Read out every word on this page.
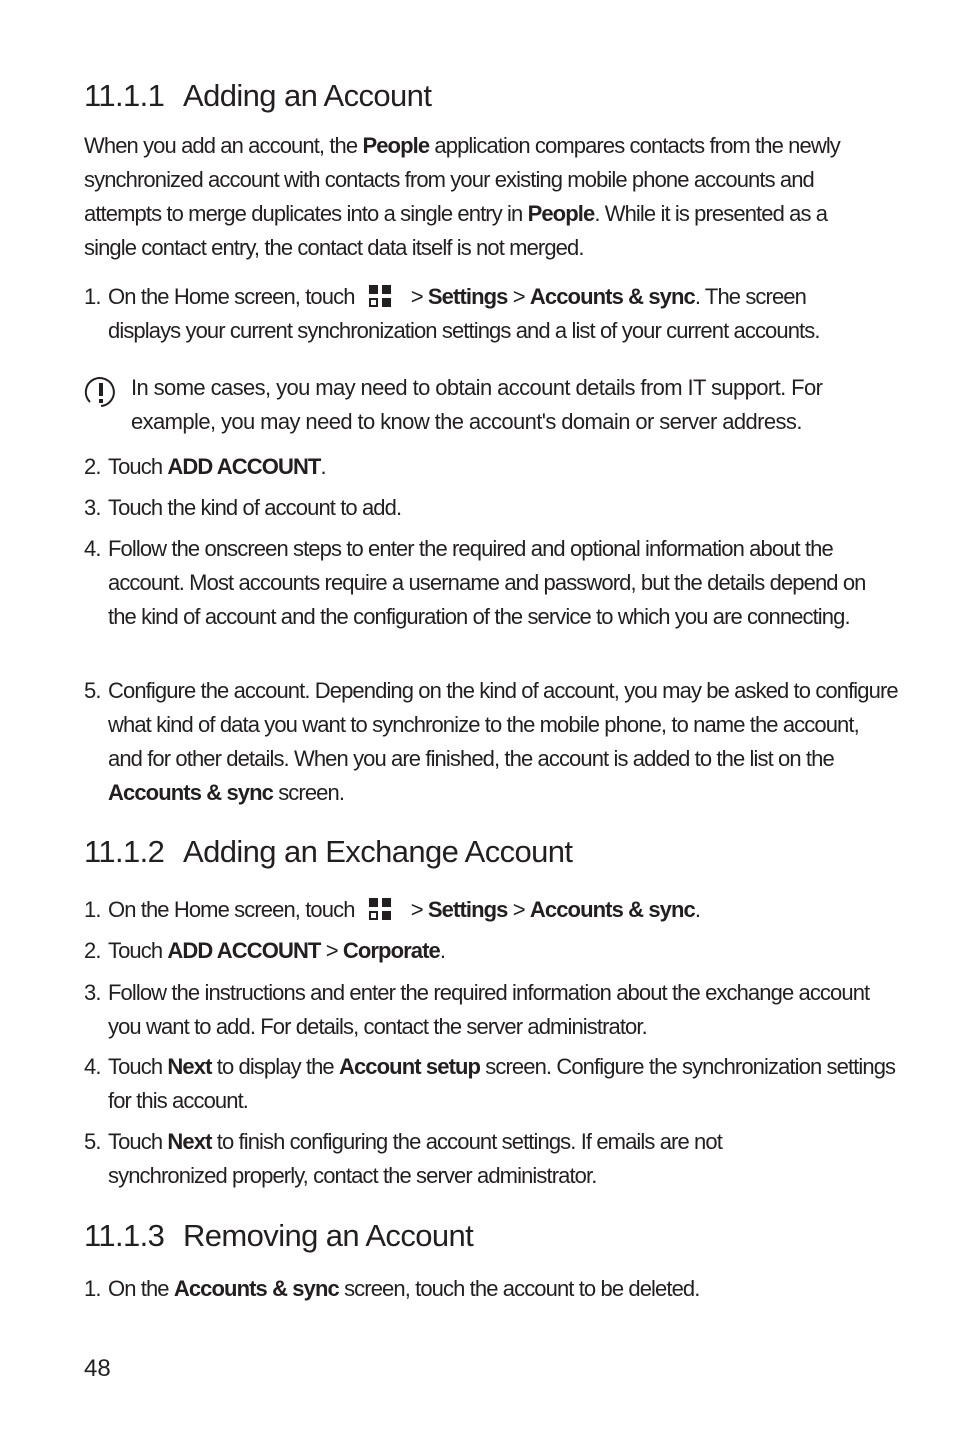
11.1.1 Adding an Account

When you add an account, the People application compares contacts from the newly synchronized account with contacts from your existing mobile phone accounts and attempts to merge duplicates into a single entry in People. While it is presented as a single contact entry, the contact data itself is not merged.

1. On the Home screen, touch
> Settings > Accounts & sync. The screen displays your current synchronization settings and a list of your current accounts.

In some cases, you may need to obtain account details from IT support. For example, you may need to know the account's domain or server address.

2. Touch ADD ACCOUNT.

3. Touch the kind of account to add.

4. Follow the onscreen steps to enter the required and optional information about the account. Most accounts require a username and password, but the details depend on the kind of account and the configuration of the service to which you are connecting.

5. Configure the account. Depending on the kind of account, you may be asked to configure what kind of data you want to synchronize to the mobile phone, to name the account, and for other details. When you are finished, the account is added to the list on the Accounts & sync screen.

11.1.2 Adding an Exchange Account

1. On the Home screen, touch
> Settings > Accounts & sync.

2. Touch ADD ACCOUNT > Corporate.

3. Follow the instructions and enter the required information about the exchange account you want to add. For details, contact the server administrator.

4. Touch Next to display the Account setup screen. Configure the synchronization settings for this account.

5. Touch Next to finish configuring the account settings. If emails are not synchronized properly, contact the server administrator.

11.1.3 Removing an Account

1. On the Accounts & sync screen, touch the account to be deleted.

48
